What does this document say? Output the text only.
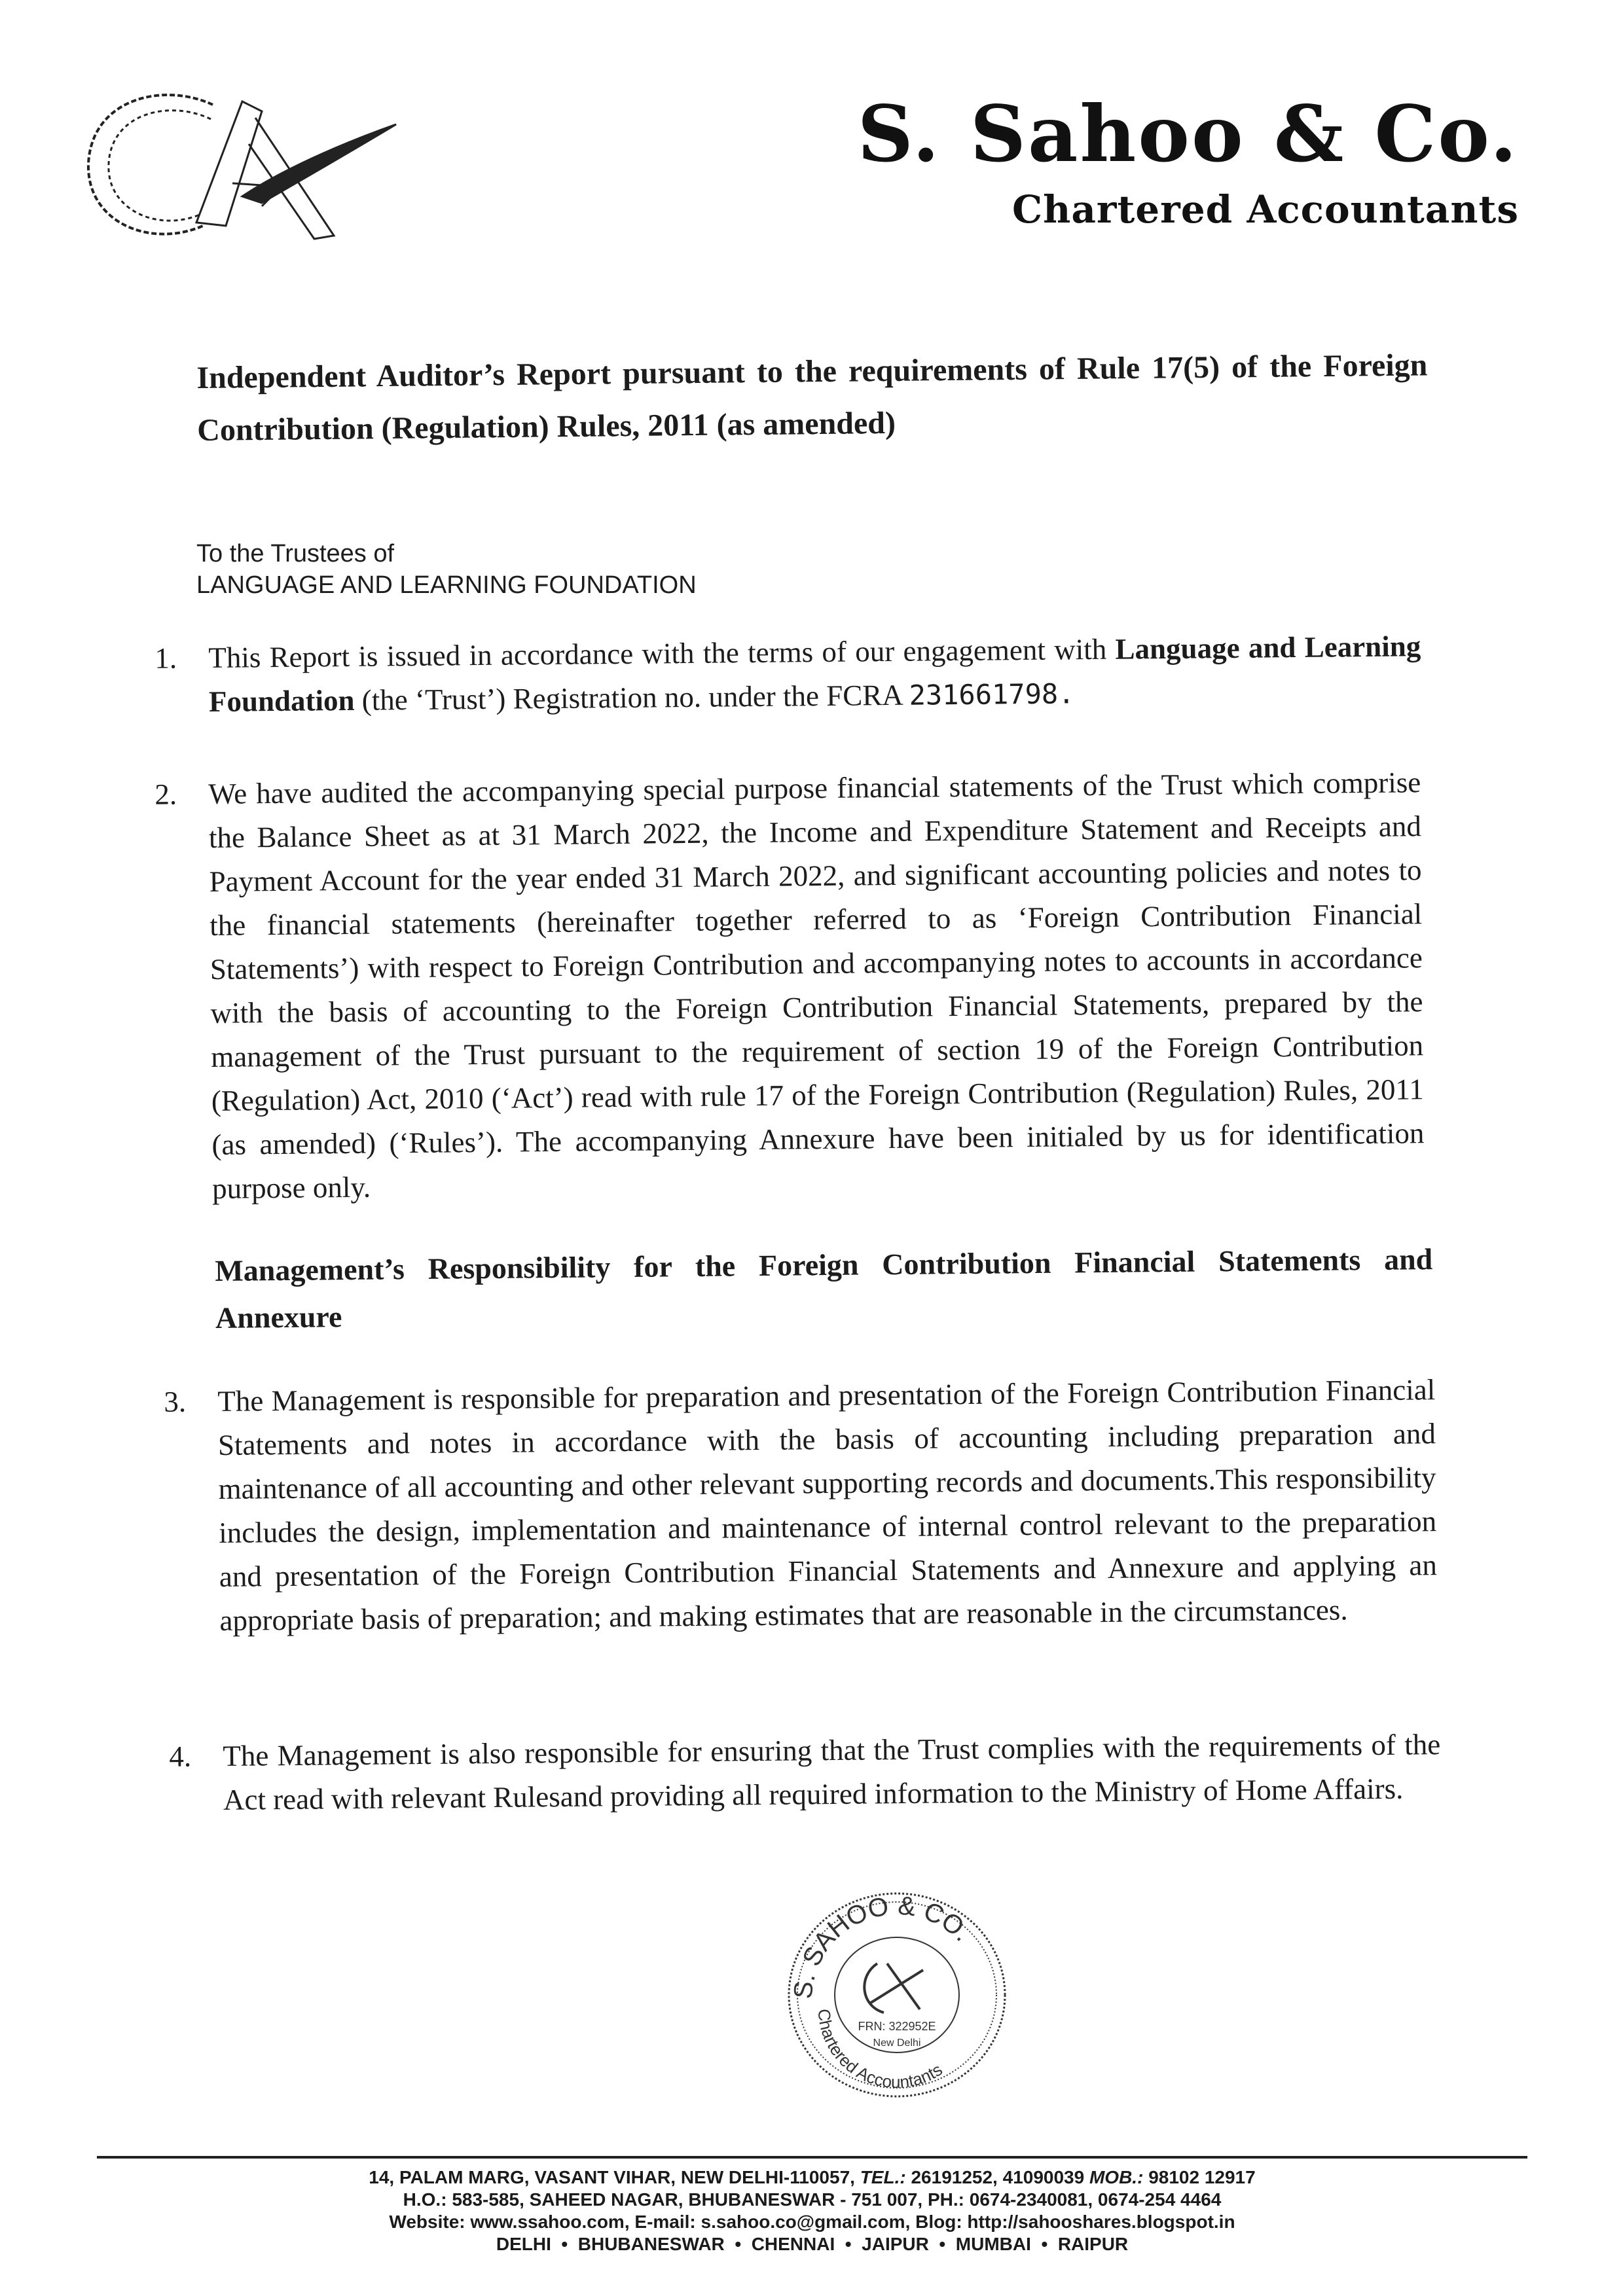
S. Sahoo & Co.
Chartered Accountants
Independent Auditor’s Report pursuant to the requirements of Rule 17(5) of the Foreign Contribution (Regulation) Rules, 2011 (as amended)
To the Trustees of
LANGUAGE AND LEARNING FOUNDATION
1. This Report is issued in accordance with the terms of our engagement with Language and Learning Foundation (the ‘Trust’) Registration no. under the FCRA 231661798.
2. We have audited the accompanying special purpose financial statements of the Trust which comprise the Balance Sheet as at 31 March 2022, the Income and Expenditure Statement and Receipts and Payment Account for the year ended 31 March 2022, and significant accounting policies and notes to the financial statements (hereinafter together referred to as ‘Foreign Contribution Financial Statements’) with respect to Foreign Contribution and accompanying notes to accounts in accordance with the basis of accounting to the Foreign Contribution Financial Statements, prepared by the management of the Trust pursuant to the requirement of section 19 of the Foreign Contribution (Regulation) Act, 2010 (‘Act’) read with rule 17 of the Foreign Contribution (Regulation) Rules, 2011 (as amended) (‘Rules’). The accompanying Annexure have been initialed by us for identification purpose only.
Management’s Responsibility for the Foreign Contribution Financial Statements and Annexure
3. The Management is responsible for preparation and presentation of the Foreign Contribution Financial Statements and notes in accordance with the basis of accounting including preparation and maintenance of all accounting and other relevant supporting records and documents.This responsibility includes the design, implementation and maintenance of internal control relevant to the preparation and presentation of the Foreign Contribution Financial Statements and Annexure and applying an appropriate basis of preparation; and making estimates that are reasonable in the circumstances.
4. The Management is also responsible for ensuring that the Trust complies with the requirements of the Act read with relevant Rulesand providing all required information to the Ministry of Home Affairs.
S. SAHOO & CO.
FRN: 322952E
New Delhi
Chartered Accountants
14, PALAM MARG, VASANT VIHAR, NEW DELHI-110057, TEL.: 26191252, 41090039 MOB.: 98102 12917
H.O.: 583-585, SAHEED NAGAR, BHUBANESWAR - 751 007, PH.: 0674-2340081, 0674-254 4464
Website: www.ssahoo.com, E-mail: s.sahoo.co@gmail.com, Blog: http://sahooshares.blogspot.in
DELHI  •  BHUBANESWAR  •  CHENNAI  •  JAIPUR  •  MUMBAI  •  RAIPUR
